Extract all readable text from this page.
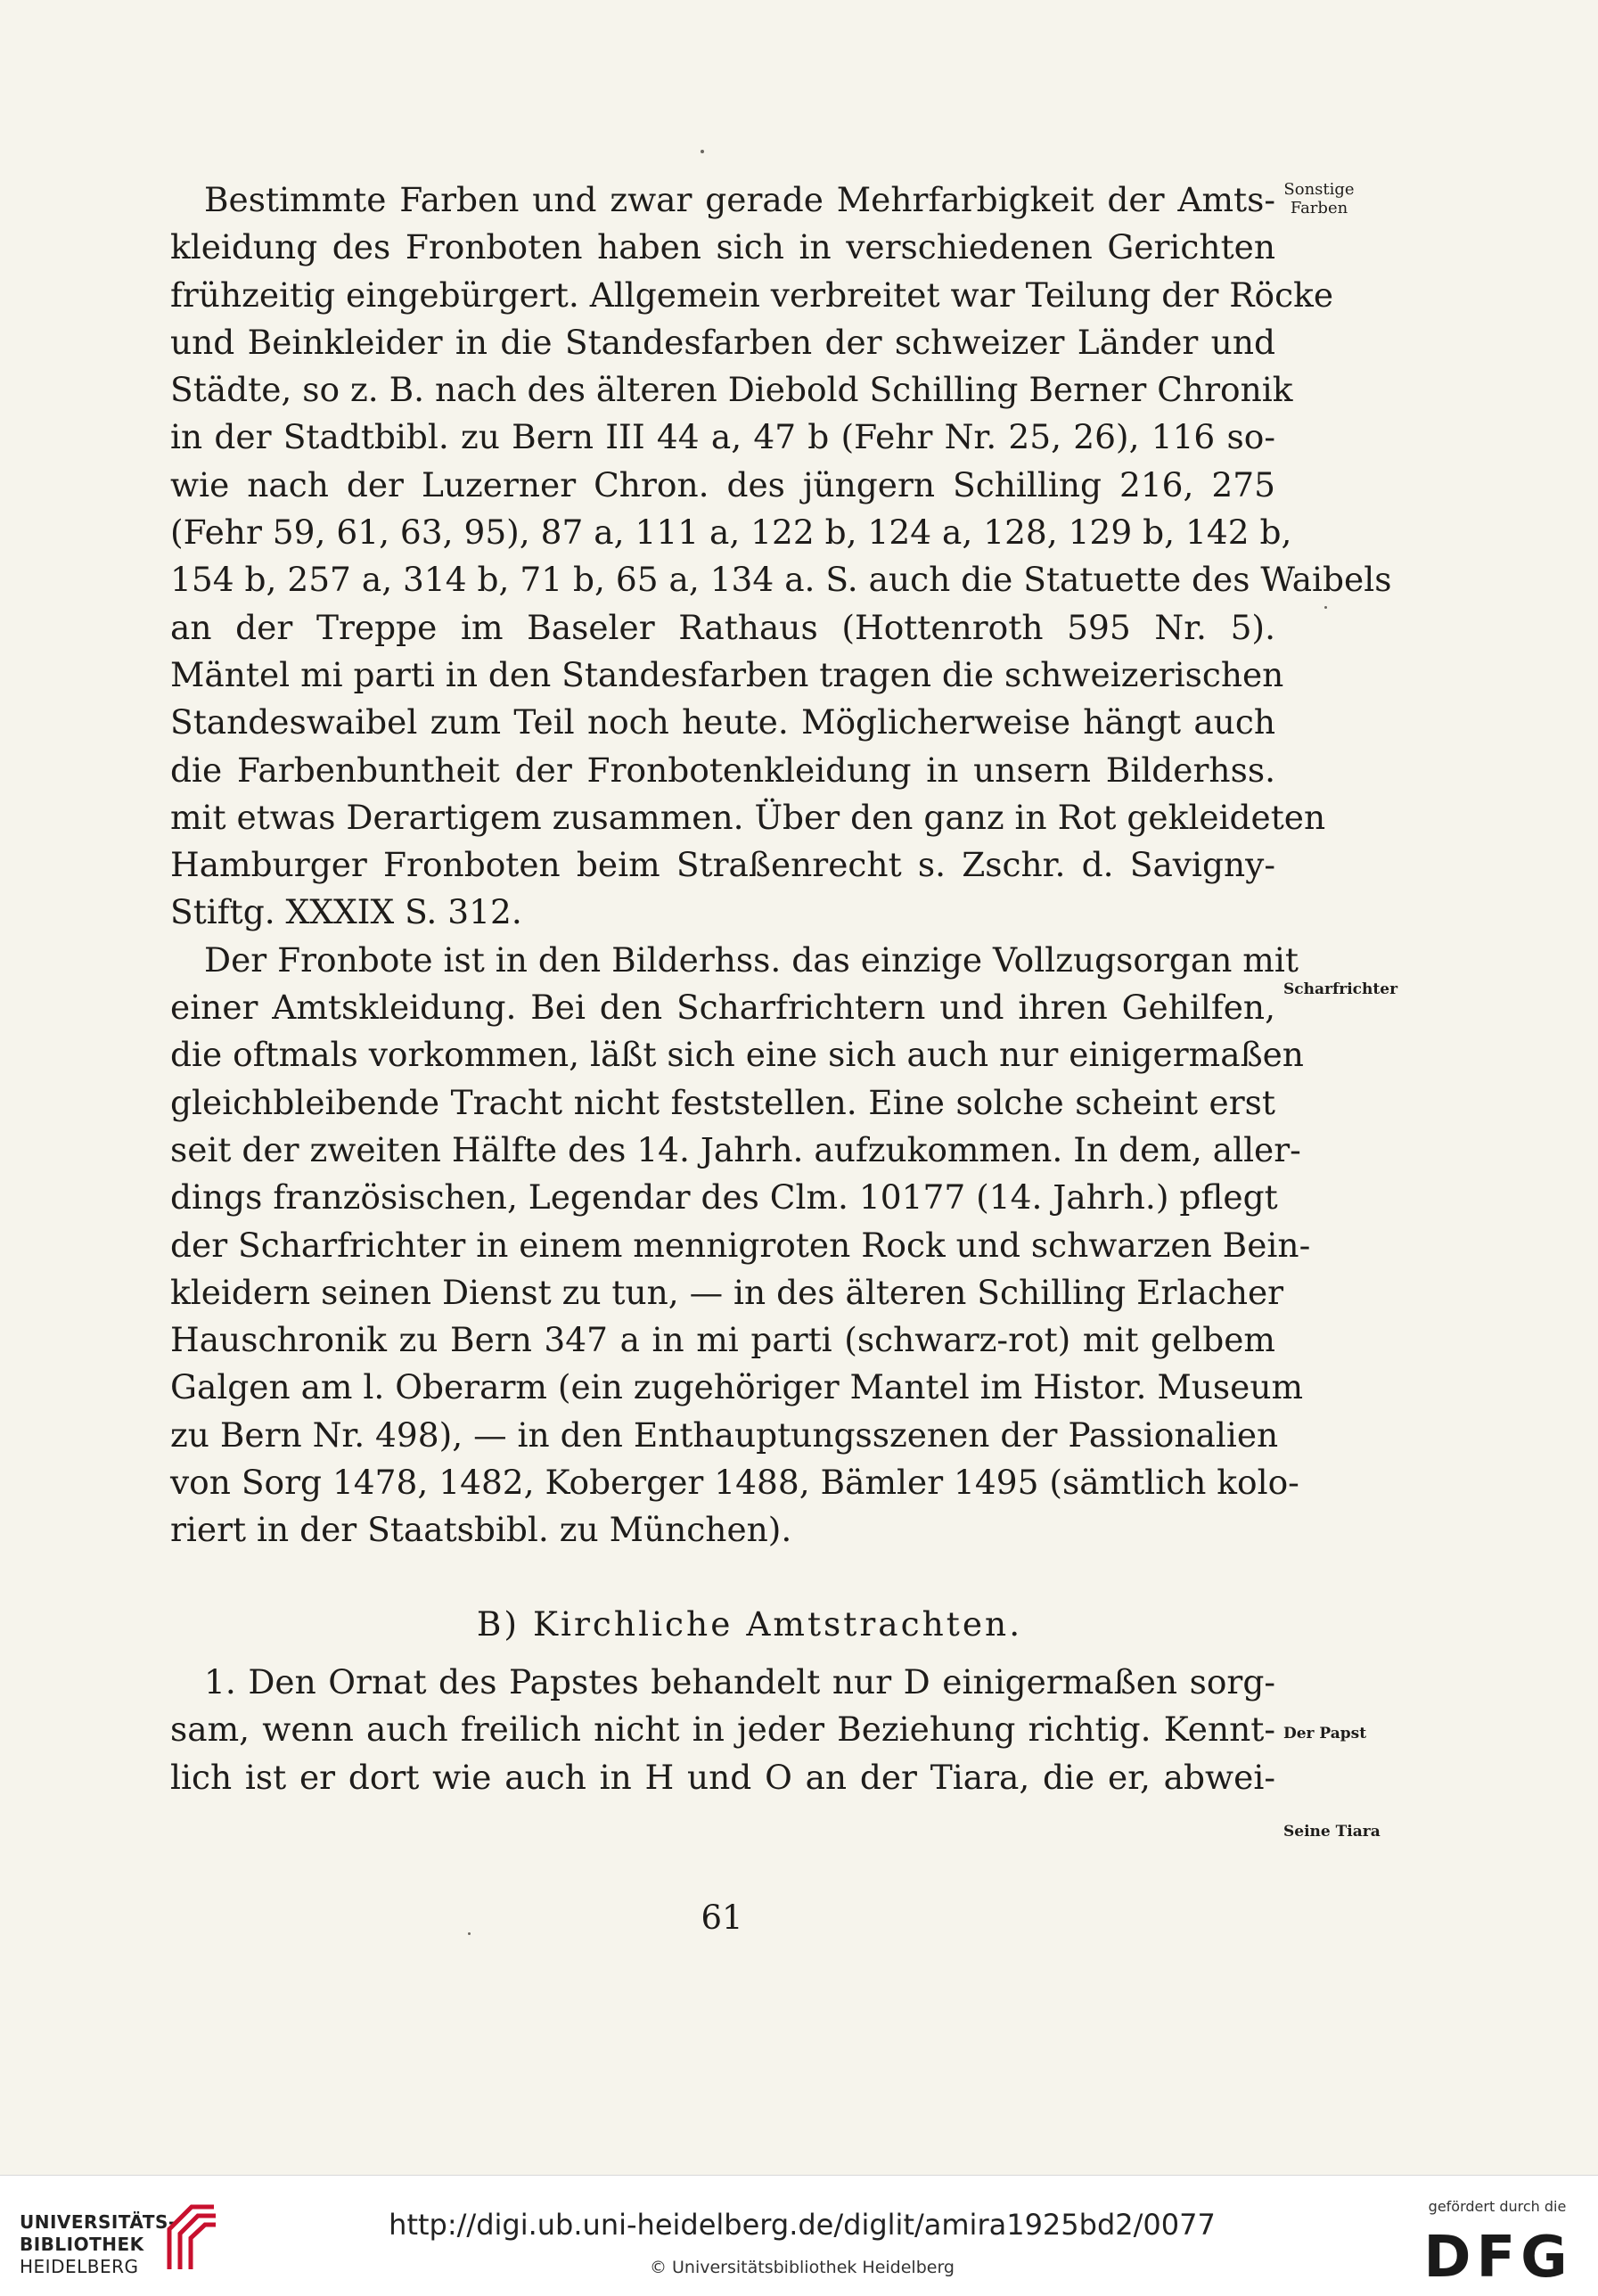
Bestimmte Farben und zwar gerade Mehrfarbigkeit der Amts-
kleidung des Fronboten haben sich in verschiedenen Gerichten
frühzeitig eingebürgert. Allgemein verbreitet war Teilung der Röcke
und Beinkleider in die Standesfarben der schweizer Länder und
Städte, so z. B. nach des älteren Diebold Schilling Berner Chronik
in der Stadtbibl. zu Bern III 44 a, 47 b (Fehr Nr. 25, 26), 116 so-
wie nach der Luzerner Chron. des jüngern Schilling 216, 275
(Fehr 59, 61, 63, 95), 87 a, 111 a, 122 b, 124 a, 128, 129 b, 142 b,
154 b, 257 a, 314 b, 71 b, 65 a, 134 a. S. auch die Statuette des Waibels
an der Treppe im Baseler Rathaus (Hottenroth 595 Nr. 5).
Mäntel mi parti in den Standesfarben tragen die schweizerischen
Standeswaibel zum Teil noch heute. Möglicherweise hängt auch
die Farbenbuntheit der Fronbotenkleidung in unsern Bilderhss.
mit etwas Derartigem zusammen. Über den ganz in Rot gekleideten
Hamburger Fronboten beim Straßenrecht s. Zschr. d. Savigny-
Stiftg. XXXIX S. 312.
Der Fronbote ist in den Bilderhss. das einzige Vollzugsorgan mit
einer Amtskleidung. Bei den Scharfrichtern und ihren Gehilfen,
die oftmals vorkommen, läßt sich eine sich auch nur einigermaßen
gleichbleibende Tracht nicht feststellen. Eine solche scheint erst
seit der zweiten Hälfte des 14. Jahrh. aufzukommen. In dem, aller-
dings französischen, Legendar des Clm. 10177 (14. Jahrh.) pflegt
der Scharfrichter in einem mennigroten Rock und schwarzen Bein-
kleidern seinen Dienst zu tun, — in des älteren Schilling Erlacher
Hauschronik zu Bern 347 a in mi parti (schwarz-rot) mit gelbem
Galgen am l. Oberarm (ein zugehöriger Mantel im Histor. Museum
zu Bern Nr. 498), — in den Enthauptungsszenen der Passionalien
von Sorg 1478, 1482, Koberger 1488, Bämler 1495 (sämtlich kolo-
riert in der Staatsbibl. zu München).
B) Kirchliche Amtstrachten.
1. Den Ornat des Papstes behandelt nur D einigermaßen sorg-
sam, wenn auch freilich nicht in jeder Beziehung richtig. Kennt-
lich ist er dort wie auch in H und O an der Tiara, die er, abwei-
Sonstige
Farben
Scharfrichter
Der Papst
Seine Tiara
61
UNIVERSITÄTS-
BIBLIOTHEK
HEIDELBERG
http://digi.ub.uni-heidelberg.de/diglit/amira1925bd2/0077
© Universitätsbibliothek Heidelberg
gefördert durch die
DFG
